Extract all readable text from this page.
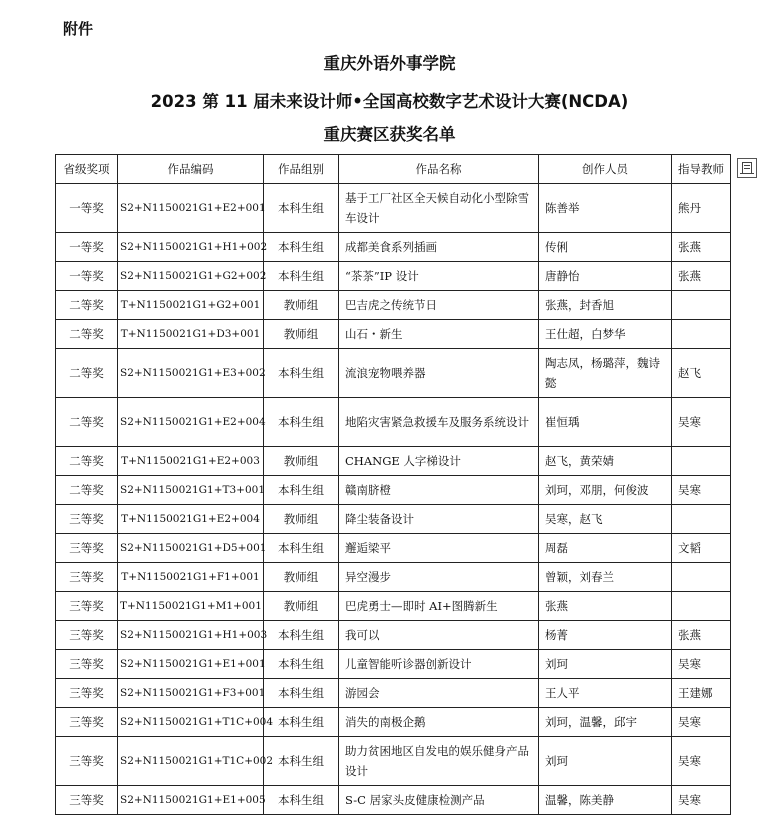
附件
重庆外语外事学院
2023 第 11 届未来设计师•全国高校数字艺术设计大赛(NCDA)
重庆赛区获奖名单
省级奖项	作品编码	作品组别	作品名称	创作人员	指导教师
一等奖	S2+N1150021G1+E2+001	本科生组	基于工厂社区全天候自动化小型除雪车设计	陈善举	熊丹
一等奖	S2+N1150021G1+H1+002	本科生组	成都美食系列插画	传俐	张燕
一等奖	S2+N1150021G1+G2+002	本科生组	“茶茶”IP 设计	唐静怡	张燕
二等奖	T+N1150021G1+G2+001	教师组	巴吉虎之传统节日	张燕，封香旭	
二等奖	T+N1150021G1+D3+001	教师组	山石・新生	王仕超，白梦华	
二等奖	S2+N1150021G1+E3+002	本科生组	流浪宠物喂养器	陶志凤，杨璐萍，魏诗懿	赵飞
二等奖	S2+N1150021G1+E2+004	本科生组	地陷灾害紧急救援车及服务系统设计	崔恒瑀	吴寒
二等奖	T+N1150021G1+E2+003	教师组	CHANGE 人字梯设计	赵飞，黄荣婧	
二等奖	S2+N1150021G1+T3+001	本科生组	赣南脐橙	刘珂，邓朋，何俊波	吴寒
三等奖	T+N1150021G1+E2+004	教师组	降尘装备设计	吴寒，赵飞	
三等奖	S2+N1150021G1+D5+001	本科生组	邂逅梁平	周磊	文韬
三等奖	T+N1150021G1+F1+001	教师组	异空漫步	曾颖，刘春兰	
三等奖	T+N1150021G1+M1+001	教师组	巴虎勇士—即时 AI+图腾新生	张燕	
三等奖	S2+N1150021G1+H1+003	本科生组	我可以	杨菁	张燕
三等奖	S2+N1150021G1+E1+001	本科生组	儿童智能听诊器创新设计	刘珂	吴寒
三等奖	S2+N1150021G1+F3+001	本科生组	游园会	王人平	王建娜
三等奖	S2+N1150021G1+T1C+004	本科生组	消失的南极企鹅	刘珂，温馨，邱宇	吴寒
三等奖	S2+N1150021G1+T1C+002	本科生组	助力贫困地区自发电的娱乐健身产品设计	刘珂	吴寒
三等奖	S2+N1150021G1+E1+005	本科生组	S-C 居家头皮健康检测产品	温馨，陈美静	吴寒
